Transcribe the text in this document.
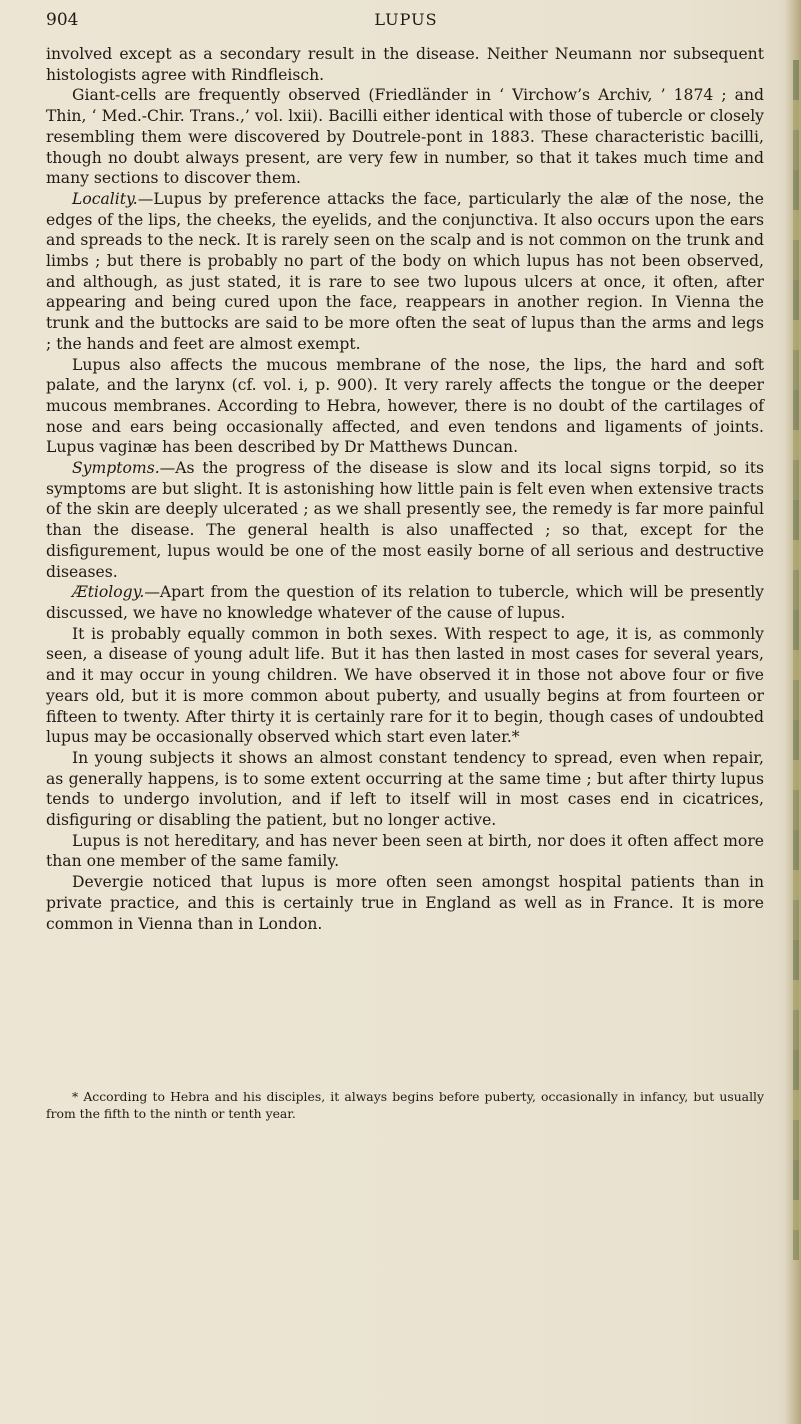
904	LUPUS

involved except as a secondary result in the disease. Neither Neumann nor subsequent histologists agree with Rindfleisch.

Giant-cells are frequently observed (Friedländer in ‘ Virchow’s Archiv, ’ 1874 ; and Thin, ‘ Med.-Chir. Trans.,’ vol. lxii). Bacilli either identical with those of tubercle or closely resembling them were discovered by Doutrele-pont in 1883. These characteristic bacilli, though no doubt always present, are very few in number, so that it takes much time and many sections to discover them.

Locality.—Lupus by preference attacks the face, particularly the alæ of the nose, the edges of the lips, the cheeks, the eyelids, and the conjunctiva. It also occurs upon the ears and spreads to the neck. It is rarely seen on the scalp and is not common on the trunk and limbs ; but there is probably no part of the body on which lupus has not been observed, and although, as just stated, it is rare to see two lupous ulcers at once, it often, after appearing and being cured upon the face, reappears in another region. In Vienna the trunk and the buttocks are said to be more often the seat of lupus than the arms and legs ; the hands and feet are almost exempt.

Lupus also affects the mucous membrane of the nose, the lips, the hard and soft palate, and the larynx (cf. vol. i, p. 900). It very rarely affects the tongue or the deeper mucous membranes. According to Hebra, however, there is no doubt of the cartilages of nose and ears being occasionally affected, and even tendons and ligaments of joints. Lupus vaginæ has been described by Dr Matthews Duncan.

Symptoms.—As the progress of the disease is slow and its local signs torpid, so its symptoms are but slight. It is astonishing how little pain is felt even when extensive tracts of the skin are deeply ulcerated ; as we shall presently see, the remedy is far more painful than the disease. The general health is also unaffected ; so that, except for the disfigurement, lupus would be one of the most easily borne of all serious and destructive diseases.

Ætiology.—Apart from the question of its relation to tubercle, which will be presently discussed, we have no knowledge whatever of the cause of lupus.

It is probably equally common in both sexes. With respect to age, it is, as commonly seen, a disease of young adult life. But it has then lasted in most cases for several years, and it may occur in young children. We have observed it in those not above four or five years old, but it is more common about puberty, and usually begins at from fourteen or fifteen to twenty. After thirty it is certainly rare for it to begin, though cases of undoubted lupus may be occasionally observed which start even later.*

In young subjects it shows an almost constant tendency to spread, even when repair, as generally happens, is to some extent occurring at the same time ; but after thirty lupus tends to undergo involution, and if left to itself will in most cases end in cicatrices, disfiguring or disabling the patient, but no longer active.

Lupus is not hereditary, and has never been seen at birth, nor does it often affect more than one member of the same family.

Devergie noticed that lupus is more often seen amongst hospital patients than in private practice, and this is certainly true in England as well as in France. It is more common in Vienna than in London.

* According to Hebra and his disciples, it always begins before puberty, occasionally in infancy, but usually from the fifth to the ninth or tenth year.
